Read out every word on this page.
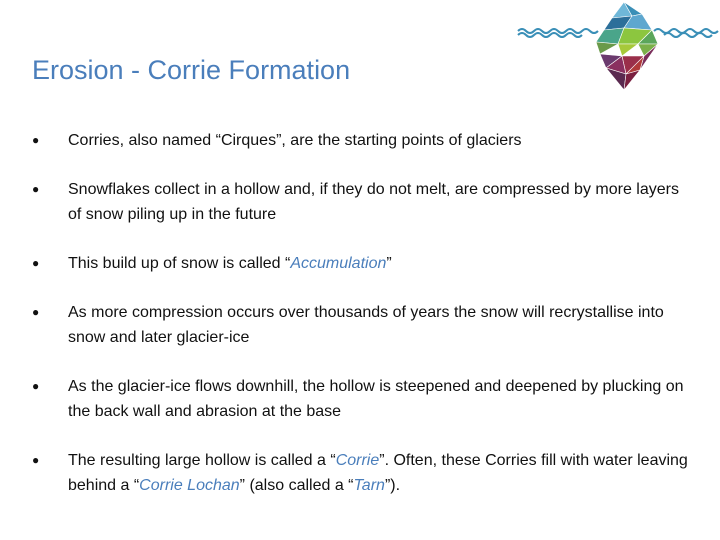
Erosion - Corrie Formation
● Corries, also named “Cirques”, are the starting points of glaciers
● Snowflakes collect in a hollow and, if they do not melt, are compressed by more layers of snow piling up in the future
● This build up of snow is called “Accumulation”
● As more compression occurs over thousands of years the snow will recrystallise into snow and later glacier-ice
● As the glacier-ice flows downhill, the hollow is steepened and deepened by plucking on the back wall and abrasion at the base
● The resulting large hollow is called a “Corrie”. Often, these Corries fill with water leaving behind a “Corrie Lochan” (also called a “Tarn”).
